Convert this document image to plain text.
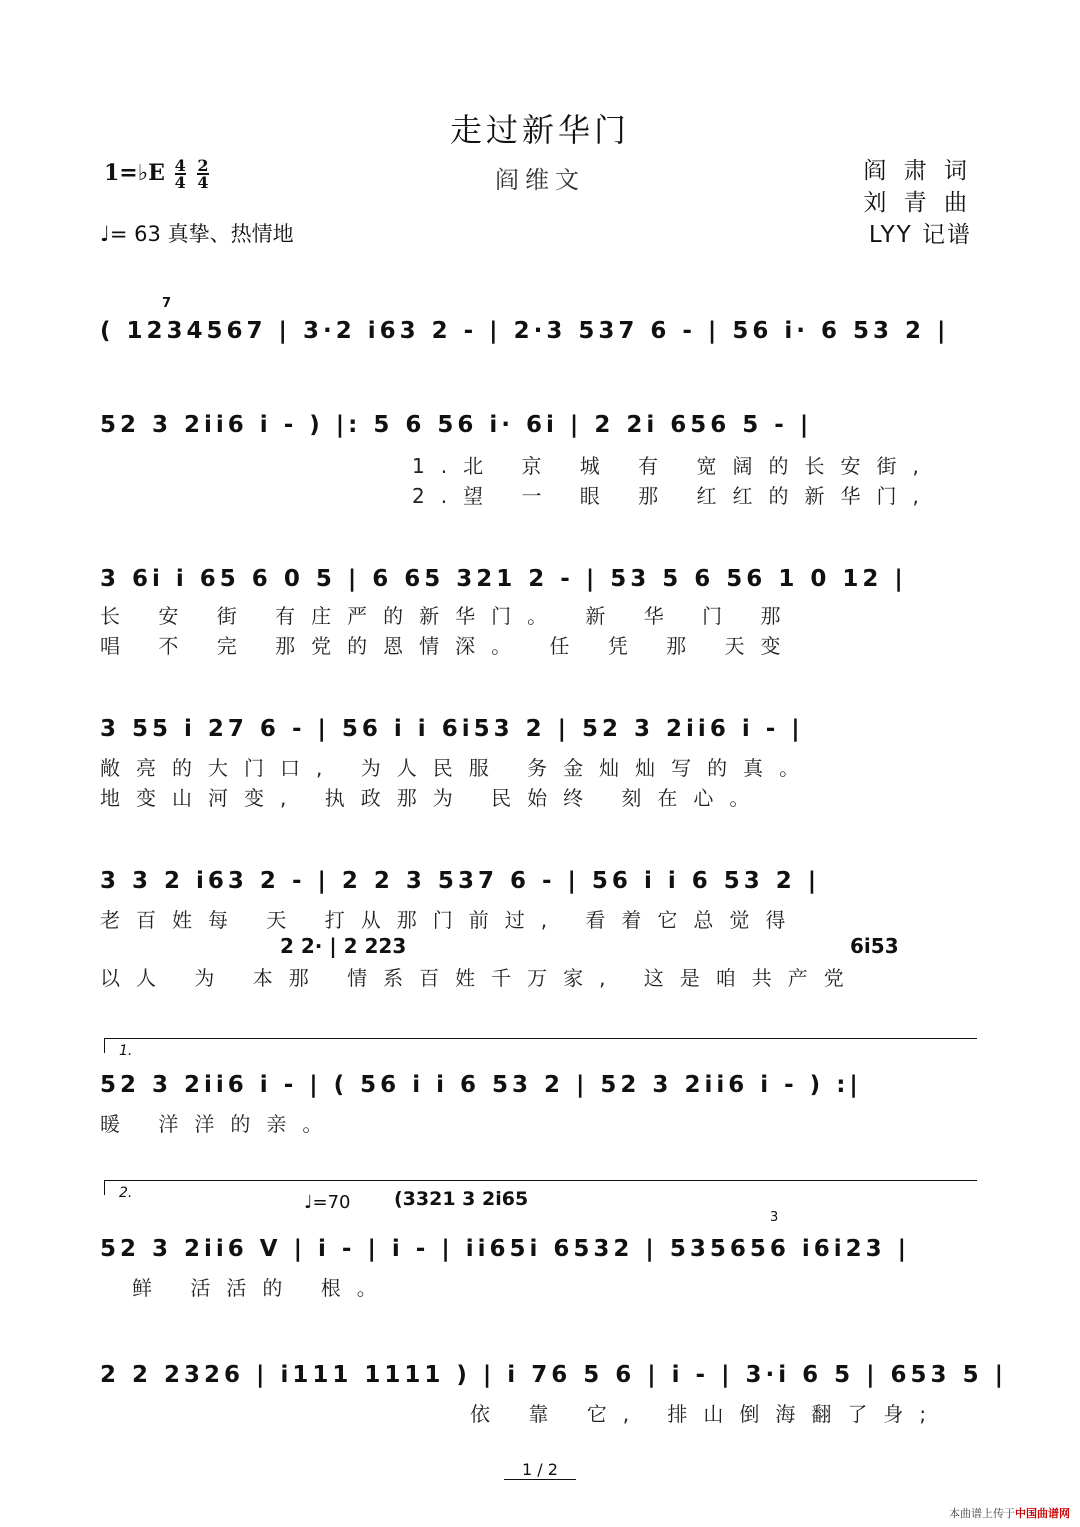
走过新华门
阎维文
1=♭E $\frac{4}{4}$
$\frac{2}{4}$
♩= 63 真挚、热情地
阎 肃 词
刘 青 曲
LYY 记谱
7
( 1234567 | 3·2 i63 2 - | 2·3 537 6 - | 56 i· 6 53 2 |
52 3 2ii6 i - ) |: 5 6 56 i· 6i | 2 2i 656 5 - |
1.北 京 城 有 宽阔的长安街,
2.望 一 眼 那 红红的新华门,
3 6i i 65 6 0 5 | 6 65 321 2 - | 53 5 6 56 1 0 12 |
长 安 街 有庄严的新华门。 新 华 门 那
唱 不 完 那党的恩情深。 任 凭 那 天变
3 55 i 27 6 - | 56 i i 6i53 2 | 52 3 2ii6 i - |
敞亮的大门口, 为人民服 务金灿灿写的真。
地变山河变, 执政那为 民始终 刻在心。
3 3 2 i63 2 - | 2 2 3 537 6 - | 56 i i 6 53 2 |
老百姓每 天 打从那门前过, 看着它总觉得
2 2· | 2 223	6i53
以人 为 本那 情系百姓千万家, 这是咱共产党
1.
52 3 2ii6 i - | ( 56 i i 6 53 2 | 52 3 2ii6 i - ) :|
暖 洋洋的亲。
2.	♩=70 (3321 3 2i65
3
52 3 2ii6 V | i - | i - | ii65i 6532 | 535656 i6i23 |
鲜 活活的 根。
2 2 2326 | i111 1111 ) | i 76 5 6 | i - | 3·i 6 5 | 653 5 |
依 靠 它, 排山倒海翻了身;
1 / 2
本曲谱上传于中国曲谱网
